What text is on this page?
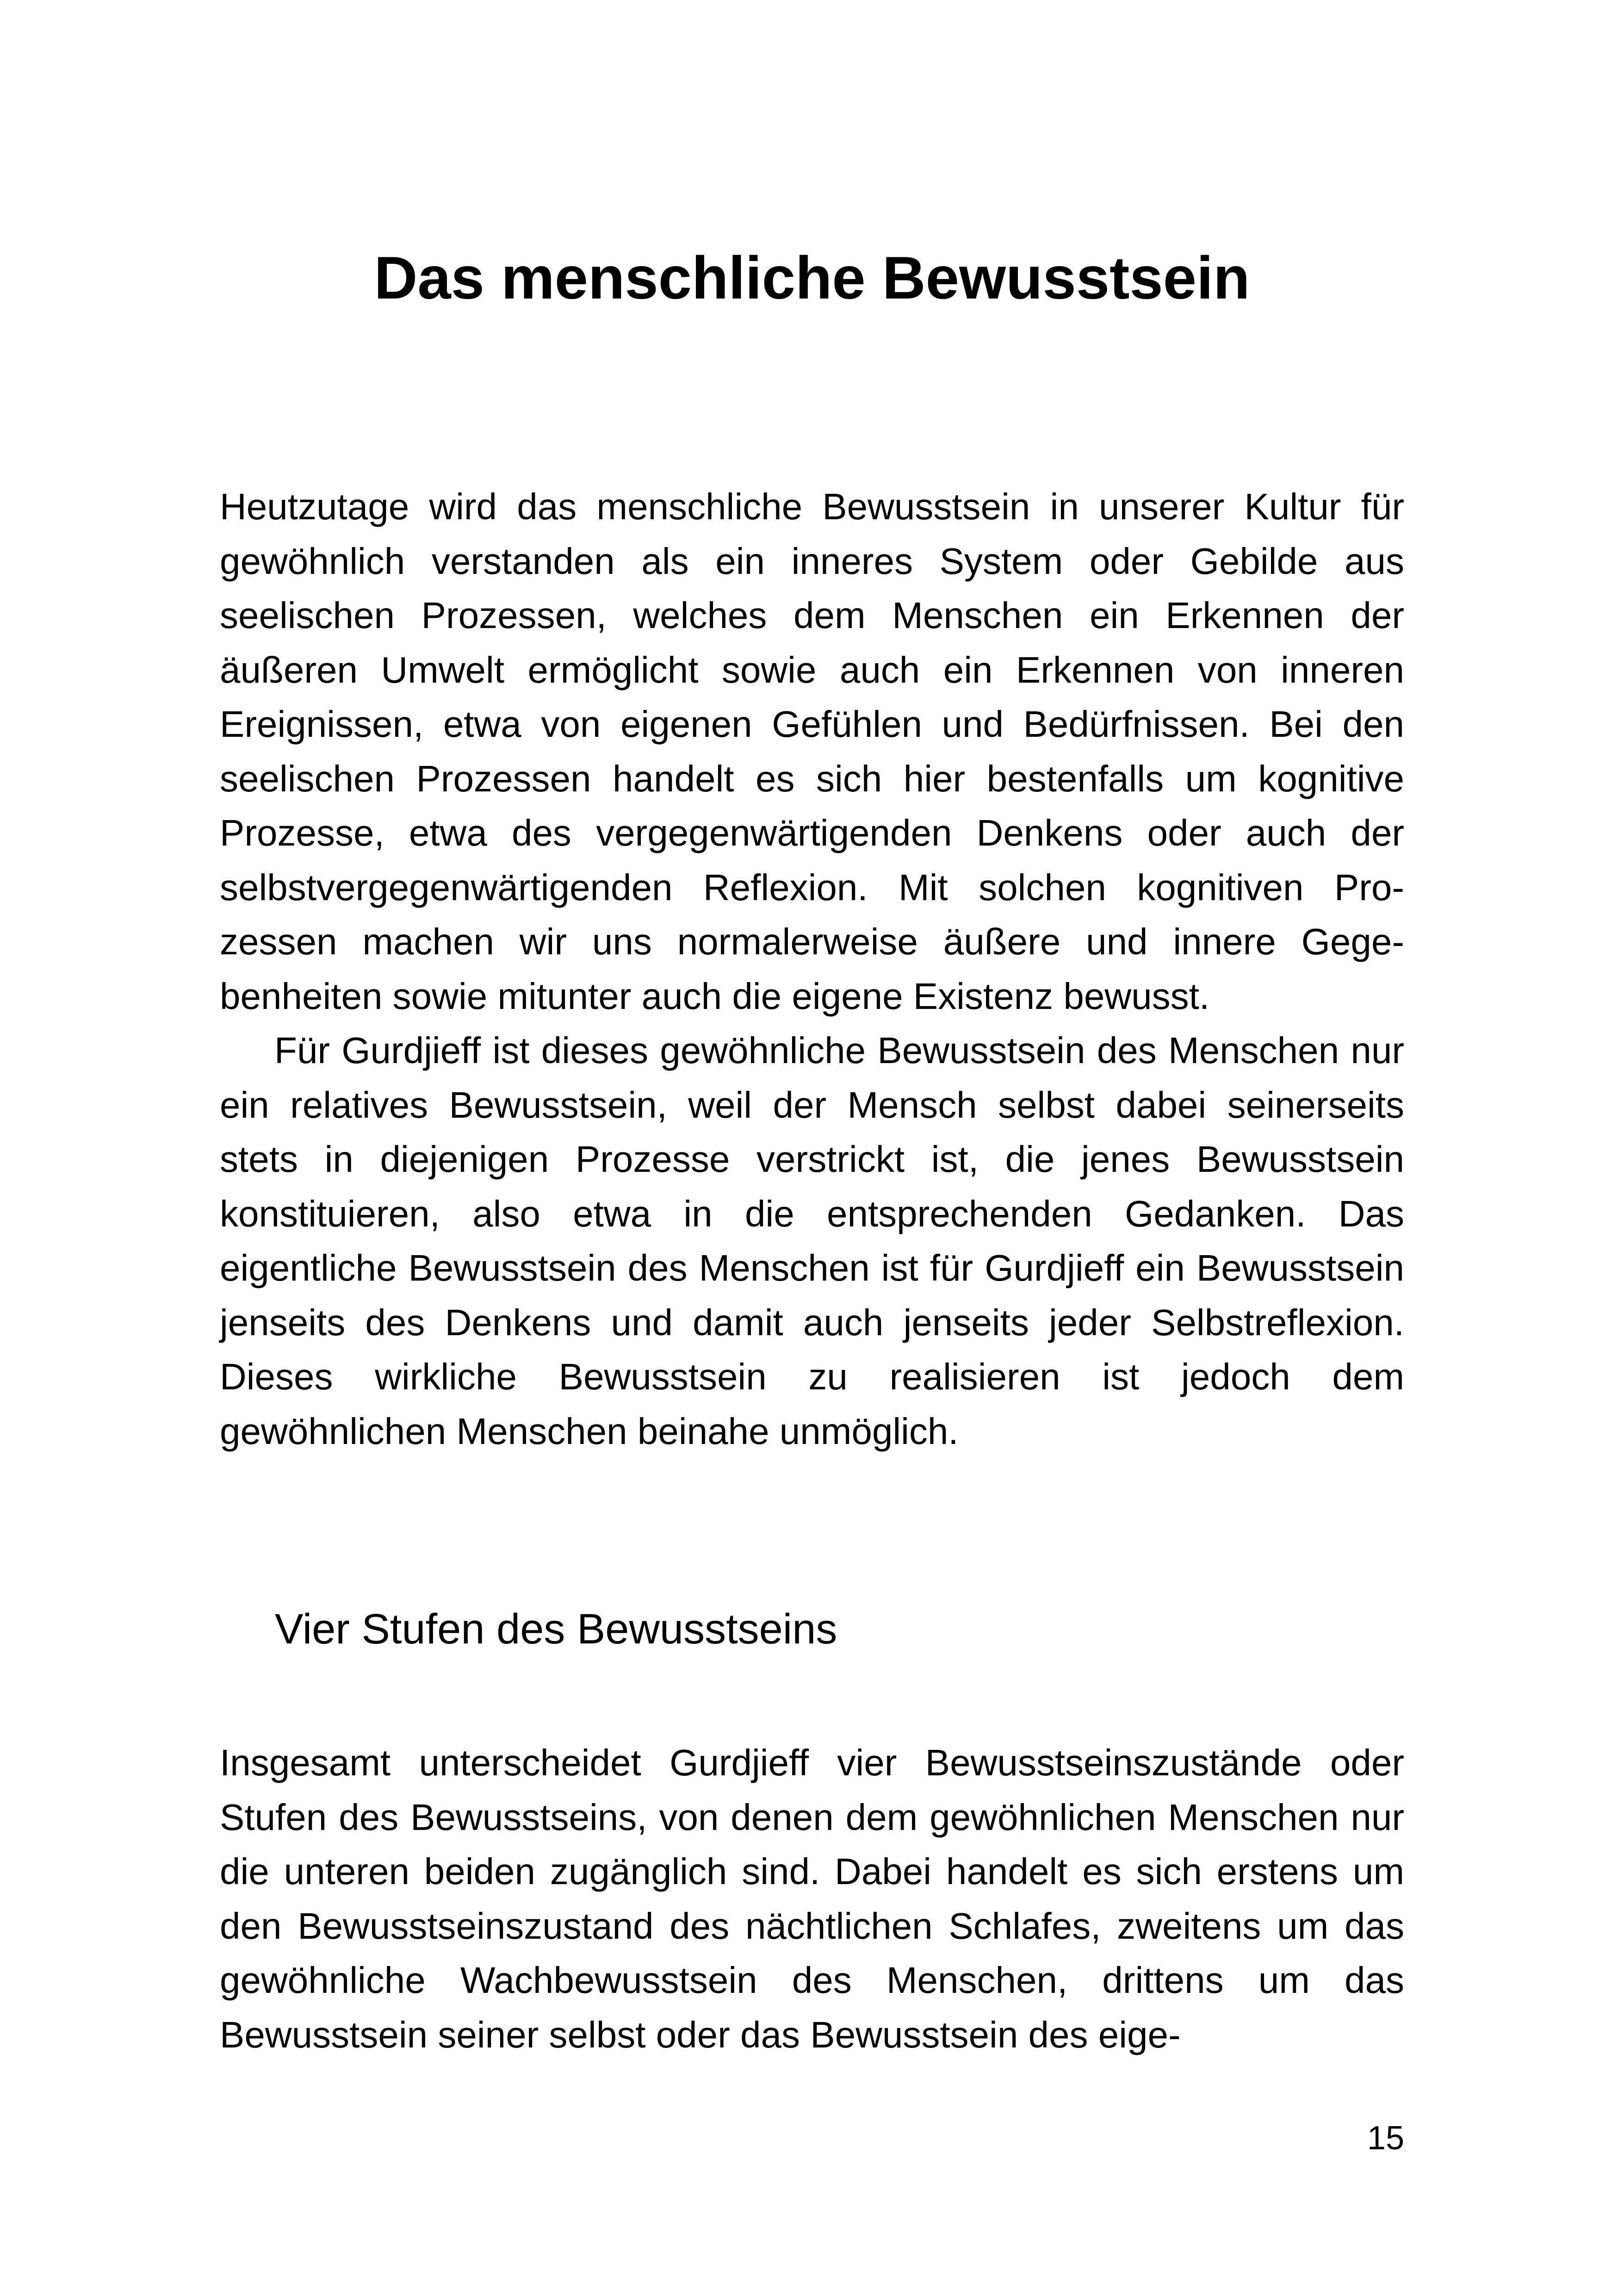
Das menschliche Bewusstsein

Heutzutage wird das menschliche Bewusstsein in unserer Kultur für gewöhnlich verstanden als ein inneres System oder Gebilde aus seelischen Prozessen, welches dem Menschen ein Erkennen der äußeren Umwelt ermöglicht sowie auch ein Erkennen von inneren Ereignissen, etwa von eigenen Gefühlen und Bedürfnissen. Bei den seelischen Prozessen handelt es sich hier bestenfalls um kognitive Prozesse, etwa des vergegenwärtigenden Denkens oder auch der selbstvergegenwärtigenden Reflexion. Mit solchen kognitiven Prozessen machen wir uns normalerweise äußere und innere Gegebenheiten sowie mitunter auch die eigene Existenz bewusst.

Für Gurdjieff ist dieses gewöhnliche Bewusstsein des Menschen nur ein relatives Bewusstsein, weil der Mensch selbst dabei seinerseits stets in diejenigen Prozesse verstrickt ist, die jenes Bewusstsein konstituieren, also etwa in die entsprechenden Gedanken. Das eigentliche Bewusstsein des Menschen ist für Gurdjieff ein Bewusstsein jenseits des Denkens und damit auch jenseits jeder Selbstreflexion. Dieses wirkliche Bewusstsein zu realisieren ist jedoch dem gewöhnlichen Menschen beinahe unmöglich.

Vier Stufen des Bewusstseins

Insgesamt unterscheidet Gurdjieff vier Bewusstseinszustände oder Stufen des Bewusstseins, von denen dem gewöhnlichen Menschen nur die unteren beiden zugänglich sind. Dabei handelt es sich erstens um den Bewusstseinszustand des nächtlichen Schlafes, zweitens um das gewöhnliche Wachbewusstsein des Menschen, drittens um das Bewusstsein seiner selbst oder das Bewusstsein des eige-

15
